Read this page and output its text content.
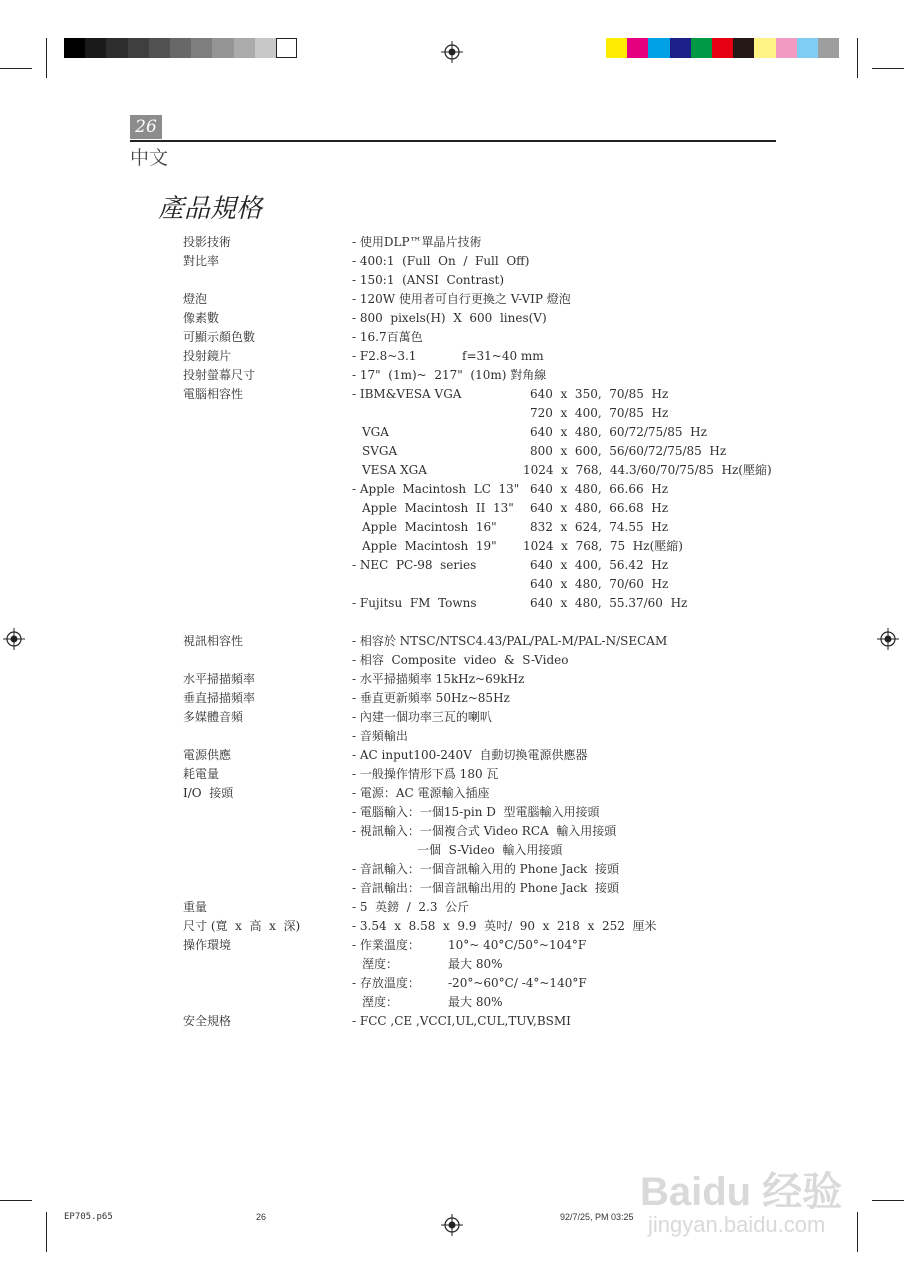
26
中文
產品規格
投影技術	- 使用DLP™單晶片技術
對比率	- 400:1  (Full  On  /  Full  Off)
- 150:1  (ANSI  Contrast)
燈泡	- 120W 使用者可自行更換之 V-VIP 燈泡
像素數	- 800  pixels(H)  X  600  lines(V)
可顯示顏色數	- 16.7百萬色
投射鏡片	- F2.8~3.1	f=31~40 mm
投射螢幕尺寸	- 17"  (1m)~  217"  (10m) 對角線
電腦相容性	- IBM&VESA VGA	640  x  350,  70/85  Hz
720  x  400,  70/85  Hz
VGA	640  x  480,  60/72/75/85  Hz
SVGA	800  x  600,  56/60/72/75/85  Hz
VESA XGA	1024  x  768,  44.3/60/70/75/85  Hz(壓縮)
- Apple  Macintosh  LC  13" 640  x  480,  66.66  Hz
Apple  Macintosh  II  13" 640  x  480,  66.68  Hz
Apple  Macintosh  16"	832  x  624,  74.55  Hz
Apple  Macintosh  19" 1024  x  768,  75  Hz(壓縮)
- NEC  PC-98  series	640  x  400,  56.42  Hz
640  x  480,  70/60  Hz
- Fujitsu  FM  Towns	640  x  480,  55.37/60  Hz
視訊相容性	- 相容於 NTSC/NTSC4.43/PAL/PAL-M/PAL-N/SECAM
- 相容  Composite  video  &  S-Video
水平掃描頻率	- 水平掃描頻率 15kHz~69kHz
垂直掃描頻率	- 垂直更新頻率 50Hz~85Hz
多媒體音頻	- 內建一個功率三瓦的喇叭
- 音頻輸出
電源供應	- AC input100-240V  自動切換電源供應器
耗電量	- 一般操作情形下爲 180 瓦
I/O  接頭	- 電源：AC 電源輸入插座
- 電腦輸入：一個15-pin D  型電腦輸入用接頭
- 視訊輸入：一個複合式 Video RCA  輸入用接頭
一個  S-Video  輸入用接頭
- 音訊輸入：一個音訊輸入用的 Phone Jack  接頭
- 音訊輸出：一個音訊輸出用的 Phone Jack  接頭
重量	- 5  英鎊  /  2.3  公斤
尺寸 (寬  x  高  x  深)	- 3.54  x  8.58  x  9.9  英吋/  90  x  218  x  252  厘米
操作環境	- 作業溫度： 10°~ 40°C/50°~104°F
溼度：	最大 80%
- 存放溫度： -20°~60°C/ -4°~140°F
溼度：	最大 80%
安全規格	- FCC ,CE ,VCCI,UL,CUL,TUV,BSMI
Baidu 经验
jingyan.baidu.com
EP705.p65	26	92/7/25, PM 03:25
